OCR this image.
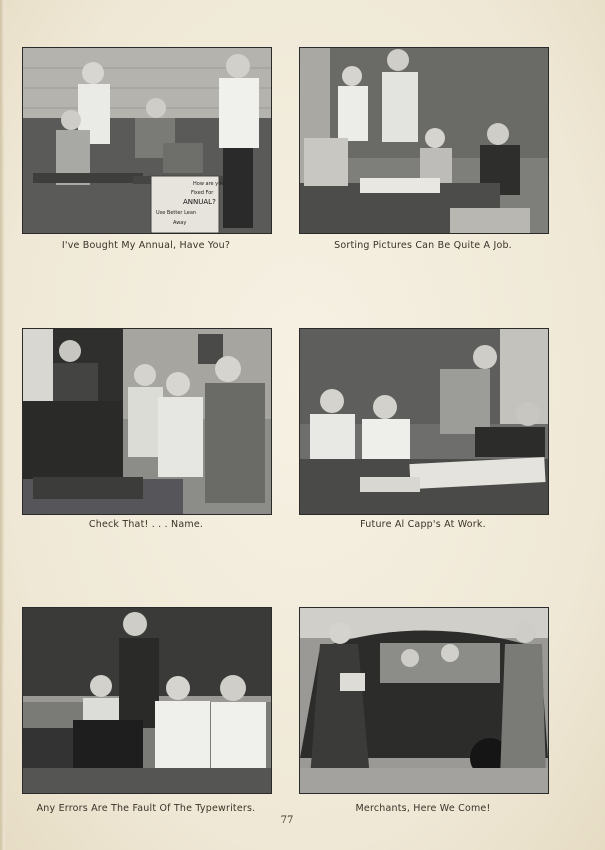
How are you
Fixed For
ANNUAL?
Use Better Lean
Away
I've Bought My Annual, Have You?	Sorting Pictures Can Be Quite A Job.
Check That! . . . Name.	Future Al Capp's At Work.
Any Errors Are The Fault Of The Typewriters.	Merchants, Here We Come!
77
